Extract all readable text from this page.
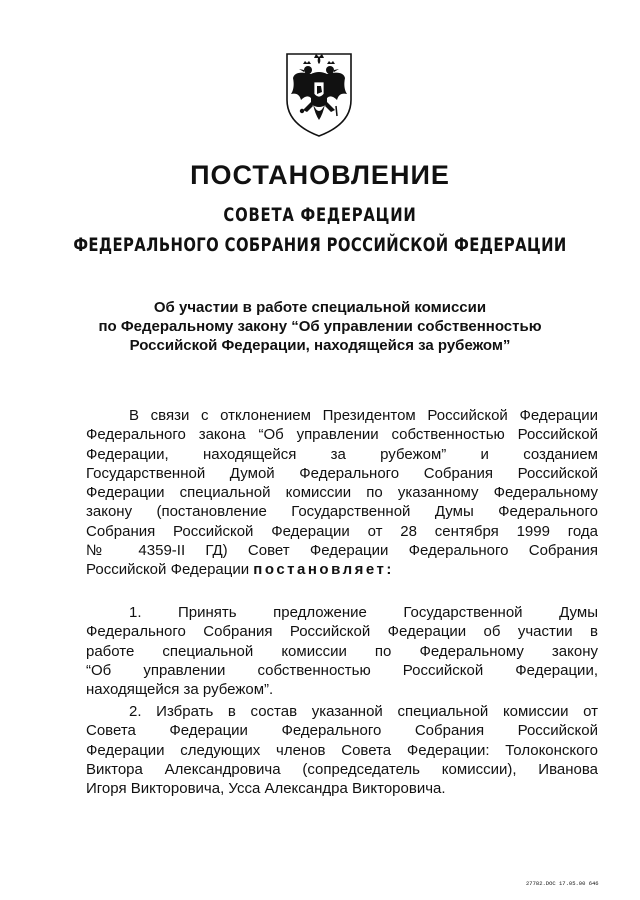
ПОСТАНОВЛЕНИЕ
СОВЕТА ФЕДЕРАЦИИ
ФЕДЕРАЛЬНОГО СОБРАНИЯ РОССИЙСКОЙ ФЕДЕРАЦИИ
Об участии в работе специальной комиссии
по Федеральному закону “Об управлении собственностью
Российской Федерации, находящейся за рубежом”
В связи с отклонением Президентом Российской Федерации
Федерального закона “Об управлении собственностью Российской
Федерации, находящейся за рубежом” и созданием
Государственной Думой Федерального Собрания Российской
Федерации специальной комиссии по указанному Федеральному
закону (постановление Государственной Думы Федерального
Собрания Российской Федерации от 28 сентября 1999 года
№ 4359-II ГД) Совет Федерации Федерального Собрания
Российской Федерации постановляет:
1. Принять предложение Государственной Думы
Федерального Собрания Российской Федерации об участии в
работе специальной комиссии по Федеральному закону
“Об управлении собственностью Российской Федерации,
находящейся за рубежом”.
2. Избрать в состав указанной специальной комиссии от
Совета Федерации Федерального Собрания Российской
Федерации следующих членов Совета Федерации: Толоконского
Виктора Александровича (сопредседатель комиссии), Иванова
Игоря Викторовича, Усса Александра Викторовича.
27782.DOC 17.05.00 646
